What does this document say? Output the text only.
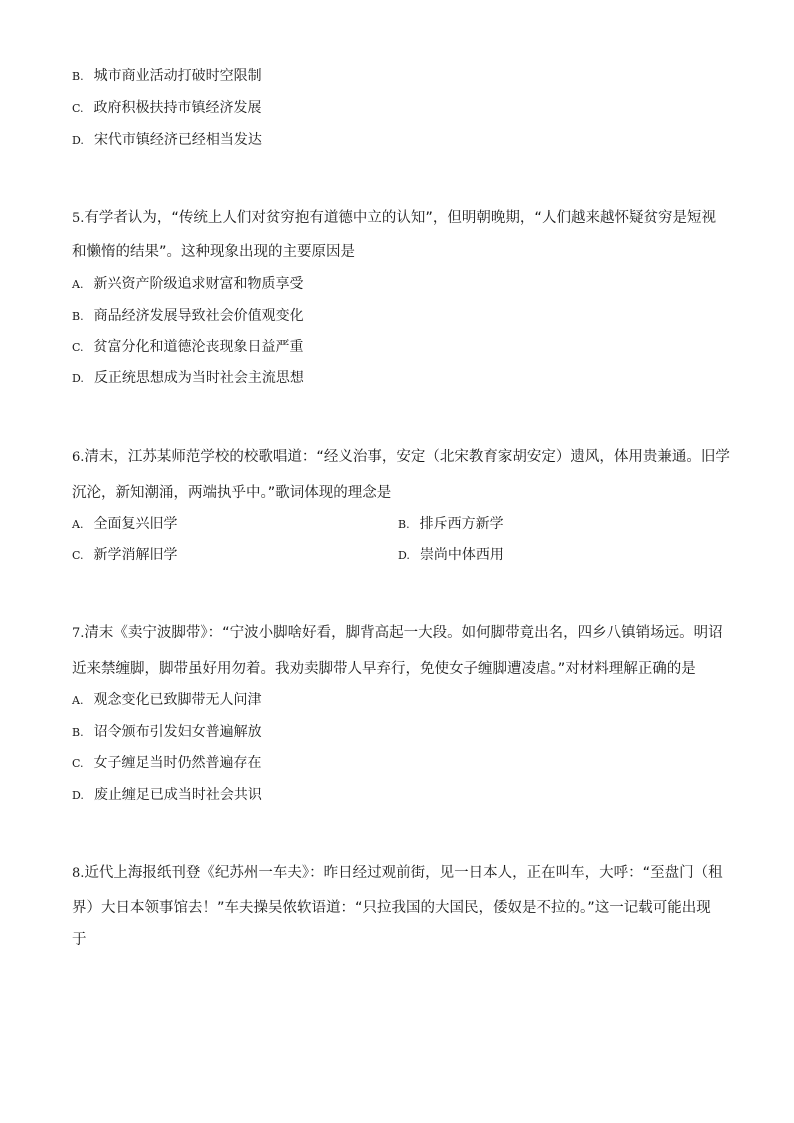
B. 城市商业活动打破时空限制
C. 政府积极扶持市镇经济发展
D. 宋代市镇经济已经相当发达
5.有学者认为，“传统上人们对贫穷抱有道德中立的认知”，但明朝晚期，“人们越来越怀疑贫穷是短视
和懒惰的结果”。这种现象出现的主要原因是
A. 新兴资产阶级追求财富和物质享受
B. 商品经济发展导致社会价值观变化
C. 贫富分化和道德沦丧现象日益严重
D. 反正统思想成为当时社会主流思想
6.清末，江苏某师范学校的校歌唱道：“经义治事，安定（北宋教育家胡安定）遗风，体用贵兼通。旧学
沉沦，新知潮涌，两端执乎中。”歌词体现的理念是
A. 全面复兴旧学	B. 排斥西方新学
C. 新学消解旧学	D. 崇尚中体西用
7.清末《卖宁波脚带》：“宁波小脚啥好看，脚背高起一大段。如何脚带竟出名，四乡八镇销场远。明诏
近来禁缠脚，脚带虽好用勿着。我劝卖脚带人早弃行，免使女子缠脚遭凌虐。”对材料理解正确的是
A. 观念变化已致脚带无人问津
B. 诏令颁布引发妇女普遍解放
C. 女子缠足当时仍然普遍存在
D. 废止缠足已成当时社会共识
8.近代上海报纸刊登《纪苏州一车夫》：昨日经过观前街，见一日本人，正在叫车，大呼：“至盘门（租
界）大日本领事馆去！”车夫操吴侬软语道：“只拉我国的大国民，倭奴是不拉的。”这一记载可能出现
于
